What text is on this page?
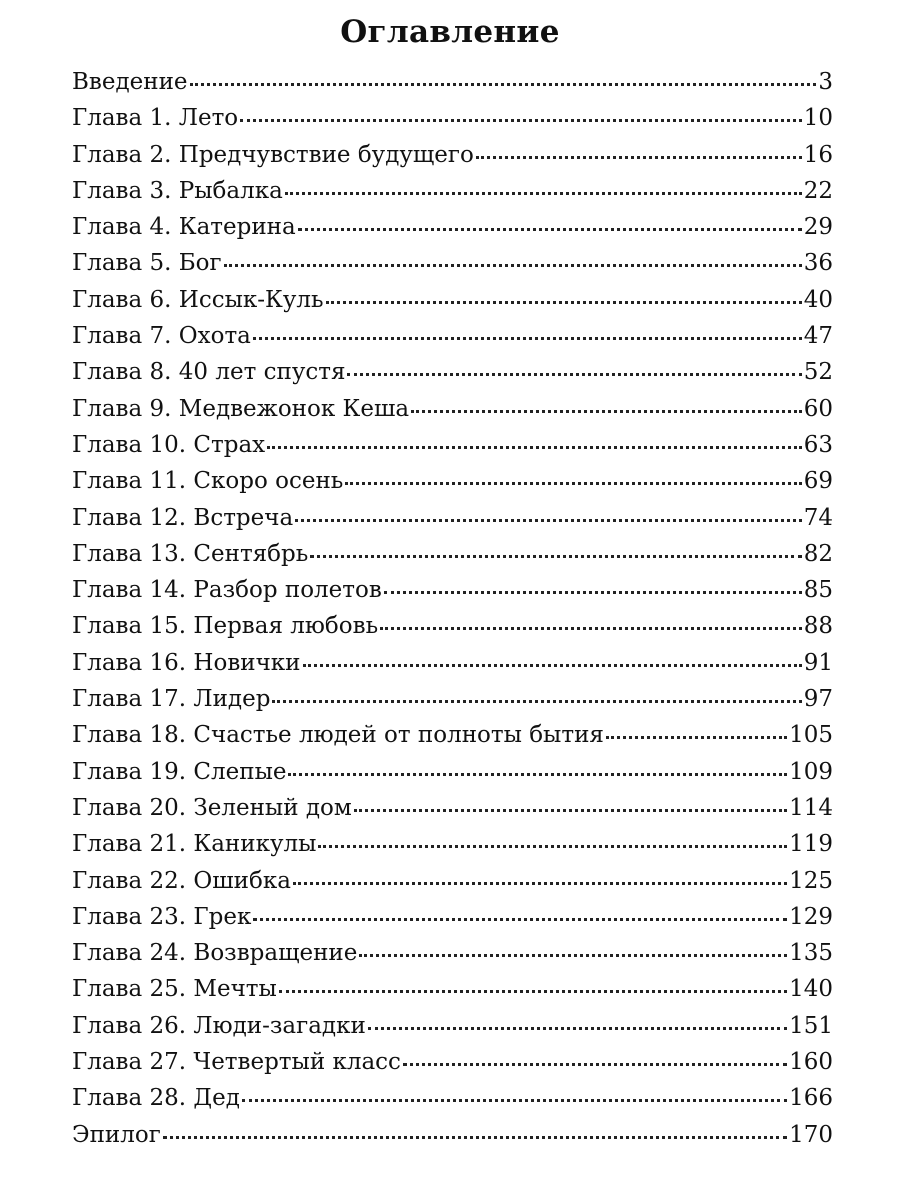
Оглавление
Введение	3
Глава 1. Лето	10
Глава 2. Предчувствие будущего	16
Глава 3. Рыбалка	22
Глава 4. Катерина	29
Глава 5. Бог	36
Глава 6. Иссык-Куль	40
Глава 7. Охота	47
Глава 8. 40 лет спустя	52
Глава 9. Медвежонок Кеша	60
Глава 10. Страх	63
Глава 11. Скоро осень	69
Глава 12. Встреча	74
Глава 13. Сентябрь	82
Глава 14. Разбор полетов	85
Глава 15. Первая любовь	88
Глава 16. Новички	91
Глава 17. Лидер	97
Глава 18. Счастье людей от полноты бытия	105
Глава 19. Слепые	109
Глава 20. Зеленый дом	114
Глава 21. Каникулы	119
Глава 22. Ошибка	125
Глава 23. Грек	129
Глава 24. Возвращение	135
Глава 25. Мечты	140
Глава 26. Люди-загадки	151
Глава 27. Четвертый класс	160
Глава 28. Дед	166
Эпилог	170
